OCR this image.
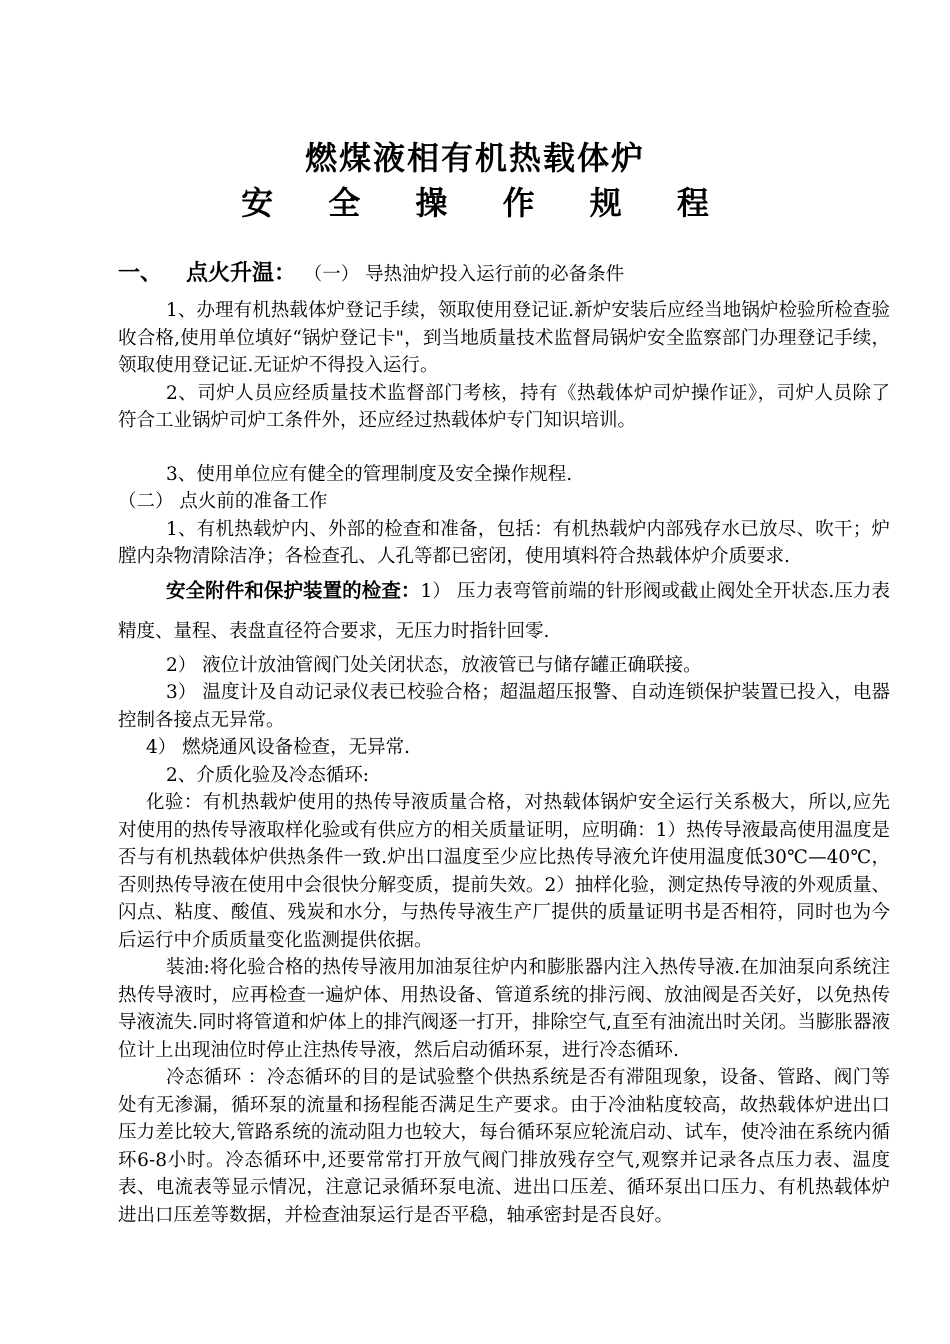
燃煤液相有机热载体炉
安 全 操 作 规 程
一、 点火升温： （一） 导热油炉投入运行前的必备条件

1、办理有机热载体炉登记手续，领取使用登记证.新炉安装后应经当地锅炉检验所检查验收合格,使用单位填好“锅炉登记卡"，到当地质量技术监督局锅炉安全监察部门办理登记手续，领取使用登记证.无证炉不得投入运行。

2、司炉人员应经质量技术监督部门考核，持有《热载体炉司炉操作证》，司炉人员除了符合工业锅炉司炉工条件外，还应经过热载体炉专门知识培训。

3、使用单位应有健全的管理制度及安全操作规程.

（二） 点火前的准备工作

1、有机热载炉内、外部的检查和准备，包括：有机热载炉内部残存水已放尽、吹干；炉膛内杂物清除洁净；各检查孔、人孔等都已密闭，使用填料符合热载体炉介质要求.

安全附件和保护装置的检查：1） 压力表弯管前端的针形阀或截止阀处全开状态.压力表精度、量程、表盘直径符合要求，无压力时指针回零.

2） 液位计放油管阀门处关闭状态，放液管已与储存罐正确联接。

3） 温度计及自动记录仪表已校验合格；超温超压报警、自动连锁保护装置已投入，电器控制各接点无异常。

4） 燃烧通风设备检查，无异常.

2、介质化验及冷态循环:

化验：有机热载炉使用的热传导液质量合格，对热载体锅炉安全运行关系极大，所以,应先对使用的热传导液取样化验或有供应方的相关质量证明，应明确：1）热传导液最高使用温度是否与有机热载体炉供热条件一致.炉出口温度至少应比热传导液允许使用温度低30℃—40℃，否则热传导液在使用中会很快分解变质，提前失效。2）抽样化验，测定热传导液的外观质量、闪点、粘度、酸值、残炭和水分，与热传导液生产厂提供的质量证明书是否相符，同时也为今后运行中介质质量变化监测提供依据。

装油:将化验合格的热传导液用加油泵往炉内和膨胀器内注入热传导液.在加油泵向系统注热传导液时，应再检查一遍炉体、用热设备、管道系统的排污阀、放油阀是否关好，以免热传导液流失.同时将管道和炉体上的排汽阀逐一打开，排除空气,直至有油流出时关闭。当膨胀器液位计上出现油位时停止注热传导液，然后启动循环泵，进行冷态循环.

冷态循环 ：冷态循环的目的是试验整个供热系统是否有滞阻现象，设备、管路、阀门等处有无渗漏，循环泵的流量和扬程能否满足生产要求。由于冷油粘度较高，故热载体炉进出口压力差比较大,管路系统的流动阻力也较大，每台循环泵应轮流启动、试车，使冷油在系统内循环6-8小时。冷态循环中,还要常常打开放气阀门排放残存空气,观察并记录各点压力表、温度表、电流表等显示情况，注意记录循环泵电流、进出口压差、循环泵出口压力、有机热载体炉进出口压差等数据，并检查油泵运行是否平稳，轴承密封是否良好。
